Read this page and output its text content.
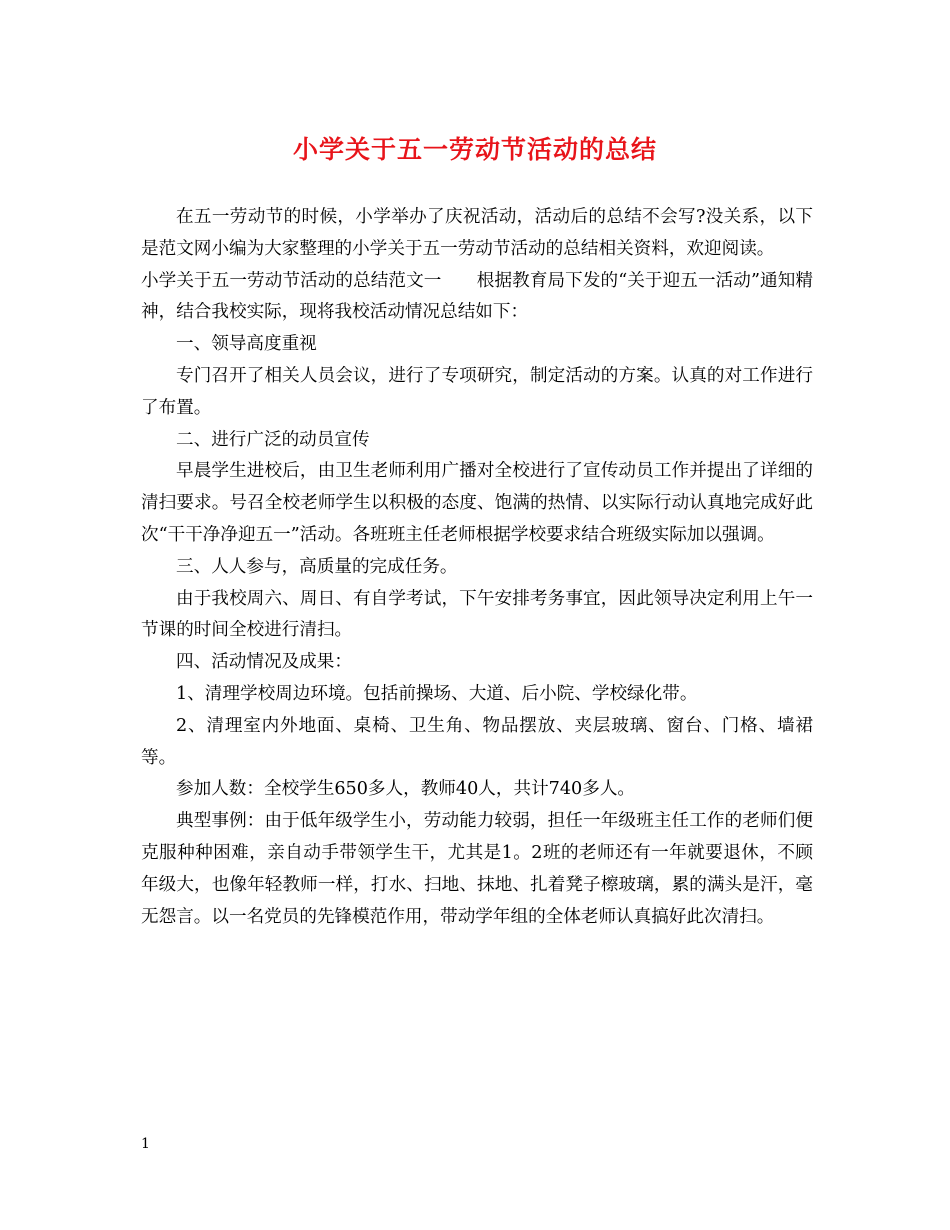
小学关于五一劳动节活动的总结

在五一劳动节的时候，小学举办了庆祝活动，活动后的总结不会写?没关系，以下是范文网小编为大家整理的小学关于五一劳动节活动的总结相关资料，欢迎阅读。

小学关于五一劳动节活动的总结范文一　　根据教育局下发的“关于迎五一活动”通知精神，结合我校实际，现将我校活动情况总结如下：

一、领导高度重视

专门召开了相关人员会议，进行了专项研究，制定活动的方案。认真的对工作进行了布置。

二、进行广泛的动员宣传

早晨学生进校后，由卫生老师利用广播对全校进行了宣传动员工作并提出了详细的清扫要求。号召全校老师学生以积极的态度、饱满的热情、以实际行动认真地完成好此次“干干净净迎五一”活动。各班班主任老师根据学校要求结合班级实际加以强调。

三、人人参与，高质量的完成任务。

由于我校周六、周日、有自学考试，下午安排考务事宜，因此领导决定利用上午一节课的时间全校进行清扫。

四、活动情况及成果：

1、清理学校周边环境。包括前操场、大道、后小院、学校绿化带。

2、清理室内外地面、桌椅、卫生角、物品摆放、夹层玻璃、窗台、门格、墙裙等。

参加人数：全校学生650多人，教师40人，共计740多人。

典型事例：由于低年级学生小，劳动能力较弱，担任一年级班主任工作的老师们便克服种种困难，亲自动手带领学生干，尤其是1。2班的老师还有一年就要退休，不顾年级大，也像年轻教师一样，打水、扫地、抹地、扎着凳子檫玻璃，累的满头是汗，毫无怨言。以一名党员的先锋模范作用，带动学年组的全体老师认真搞好此次清扫。

1
